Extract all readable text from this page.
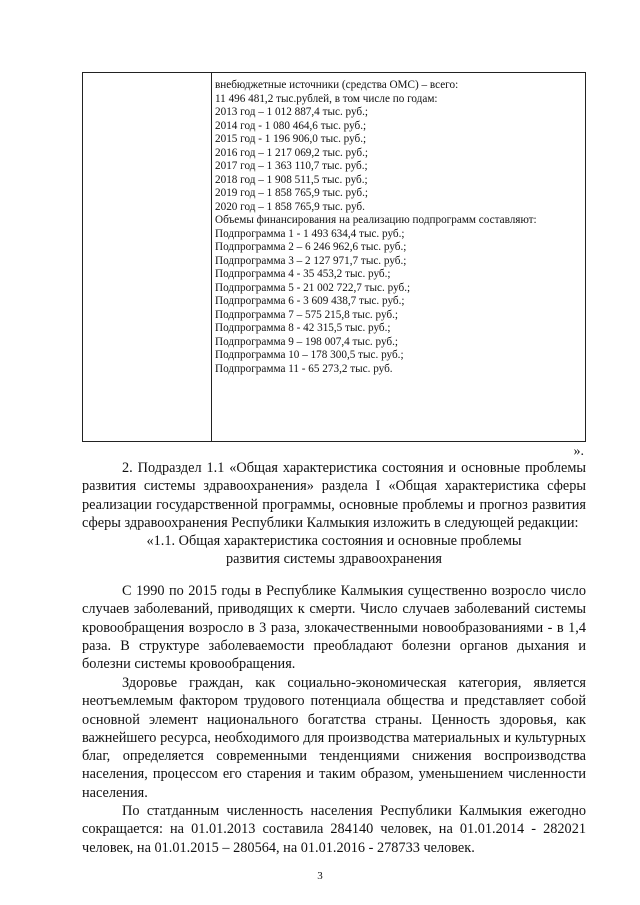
внебюджетные источники (средства ОМС) – всего:
11 496 481,2 тыс.рублей, в том числе по годам:
2013 год – 1 012 887,4 тыс. руб.;
2014 год - 1 080 464,6 тыс. руб.;
2015 год - 1 196 906,0 тыс. руб.;
2016 год – 1 217 069,2 тыс. руб.;
2017 год – 1 363 110,7 тыс. руб.;
2018 год – 1 908 511,5 тыс. руб.;
2019 год – 1 858 765,9 тыс. руб.;
2020 год – 1 858 765,9 тыс. руб.
Объемы финансирования на реализацию подпрограмм составляют:
Подпрограмма 1 - 1 493 634,4 тыс. руб.;
Подпрограмма 2 – 6 246 962,6 тыс. руб.;
Подпрограмма 3 – 2 127 971,7 тыс. руб.;
Подпрограмма 4 - 35 453,2 тыс. руб.;
Подпрограмма 5 - 21 002 722,7 тыс. руб.;
Подпрограмма 6 - 3 609 438,7 тыс. руб.;
Подпрограмма 7 – 575 215,8 тыс. руб.;
Подпрограмма 8 - 42 315,5 тыс. руб.;
Подпрограмма 9 – 198 007,4 тыс. руб.;
Подпрограмма 10 – 178 300,5 тыс. руб.;
Подпрограмма 11 - 65 273,2 тыс. руб.
».
2. Подраздел 1.1 «Общая характеристика состояния и основные проблемы развития системы здравоохранения» раздела I «Общая характеристика сферы реализации государственной программы, основные проблемы и прогноз развития сферы здравоохранения Республики Калмыкия изложить в следующей редакции:
«1.1. Общая характеристика состояния и основные проблемы
развития системы здравоохранения
С 1990 по 2015 годы в Республике Калмыкия существенно возросло число случаев заболеваний, приводящих к смерти. Число случаев заболеваний системы кровообращения возросло в 3 раза, злокачественными новообразованиями - в 1,4 раза. В структуре заболеваемости преобладают болезни органов дыхания и болезни системы кровообращения.
Здоровье граждан, как социально-экономическая категория, является неотъемлемым фактором трудового потенциала общества и представляет собой основной элемент национального богатства страны. Ценность здоровья, как важнейшего ресурса, необходимого для производства материальных и культурных благ, определяется современными тенденциями снижения воспроизводства населения, процессом его старения и таким образом, уменьшением численности населения.
По статданным численность населения Республики Калмыкия ежегодно сокращается: на 01.01.2013 составила 284140 человек, на 01.01.2014 - 282021 человек, на 01.01.2015 – 280564, на 01.01.2016 - 278733 человек.
3
